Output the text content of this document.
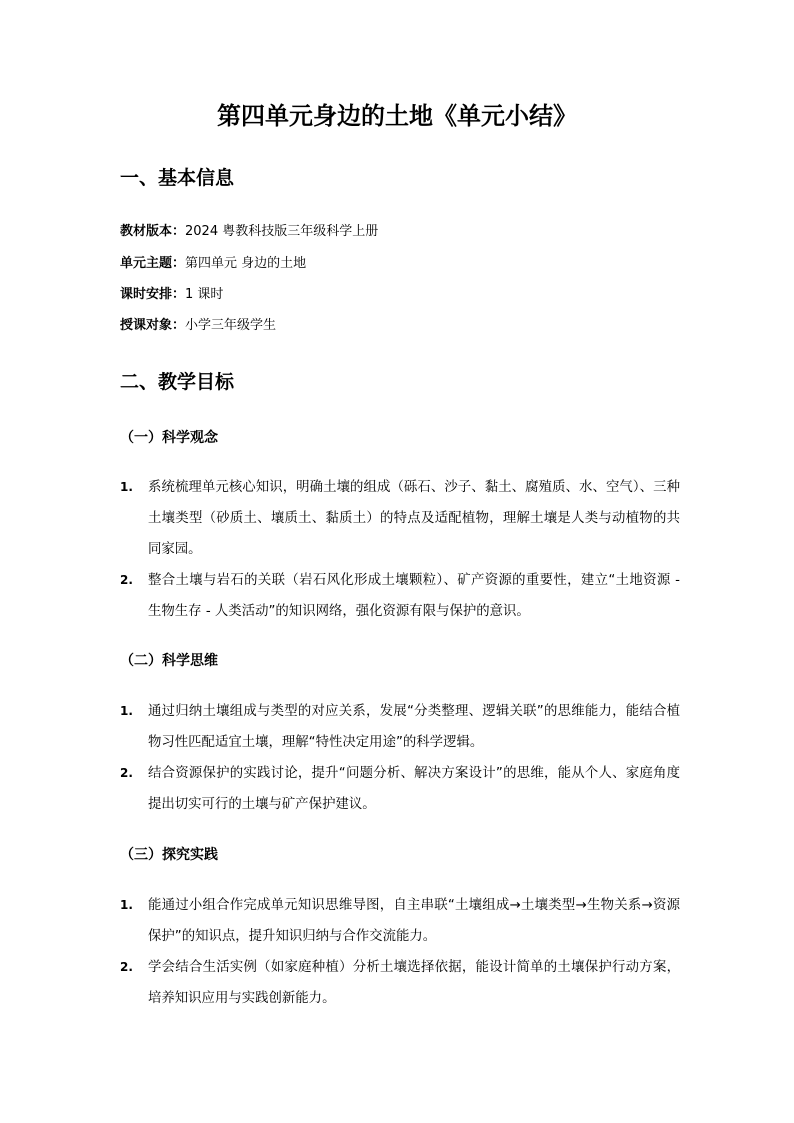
第四单元身边的土地《单元小结》
一、基本信息
教材版本：2024 粤教科技版三年级科学上册
单元主题：第四单元 身边的土地
课时安排：1 课时
授课对象：小学三年级学生
二、教学目标
（一）科学观念
1. 系统梳理单元核心知识，明确土壤的组成（砾石、沙子、黏土、腐殖质、水、空气）、三种土壤类型（砂质土、壤质土、黏质土）的特点及适配植物，理解土壤是人类与动植物的共同家园。
2. 整合土壤与岩石的关联（岩石风化形成土壤颗粒）、矿产资源的重要性，建立“土地资源 - 生物生存 - 人类活动”的知识网络，强化资源有限与保护的意识。
（二）科学思维
1. 通过归纳土壤组成与类型的对应关系，发展“分类整理、逻辑关联”的思维能力，能结合植物习性匹配适宜土壤，理解“特性决定用途”的科学逻辑。
2. 结合资源保护的实践讨论，提升“问题分析、解决方案设计”的思维，能从个人、家庭角度提出切实可行的土壤与矿产保护建议。
（三）探究实践
1. 能通过小组合作完成单元知识思维导图，自主串联“土壤组成→土壤类型→生物关系→资源保护”的知识点，提升知识归纳与合作交流能力。
2. 学会结合生活实例（如家庭种植）分析土壤选择依据，能设计简单的土壤保护行动方案，培养知识应用与实践创新能力。
